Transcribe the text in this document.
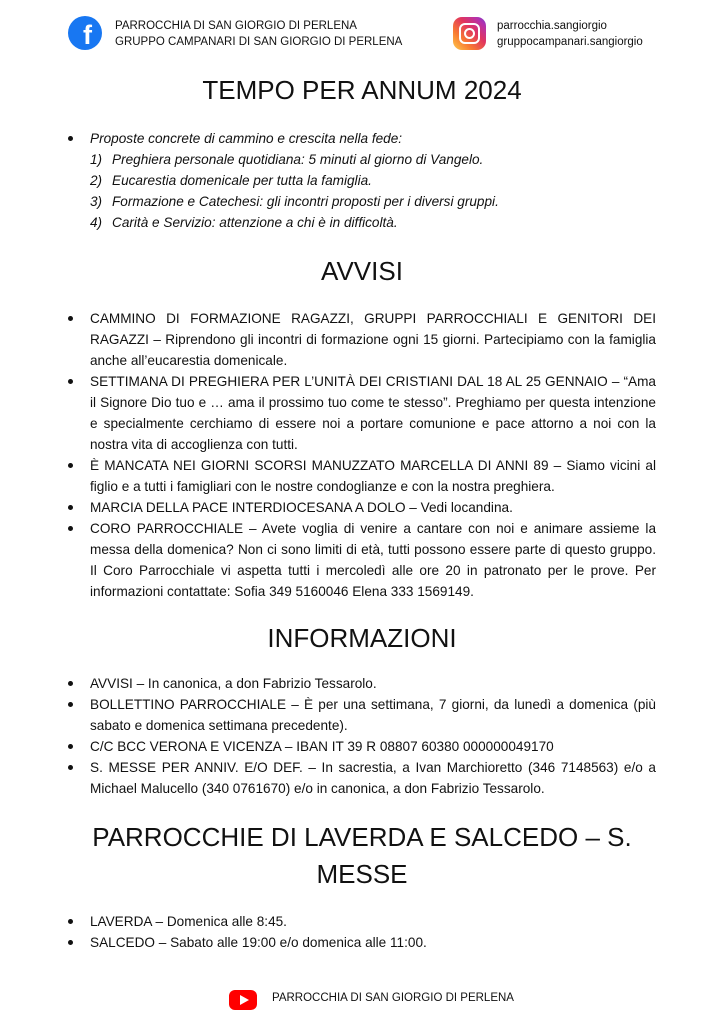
f PARROCCHIA DI SAN GIORGIO DI PERLENA
GRUPPO CAMPANARI DI SAN GIORGIO DI PERLENA
parrocchia.sangiorgio
gruppocampanari.sangiorgio
TEMPO PER ANNUM 2024
Proposte concrete di cammino e crescita nella fede:
1) Preghiera personale quotidiana: 5 minuti al giorno di Vangelo.
2) Eucarestia domenicale per tutta la famiglia.
3) Formazione e Catechesi: gli incontri proposti per i diversi gruppi.
4) Carità e Servizio: attenzione a chi è in difficoltà.
AVVISI
CAMMINO DI FORMAZIONE RAGAZZI, GRUPPI PARROCCHIALI E GENITORI DEI RAGAZZI – Riprendono gli incontri di formazione ogni 15 giorni. Partecipiamo con la famiglia anche all’eucarestia domenicale.
SETTIMANA DI PREGHIERA PER L’UNITÀ DEI CRISTIANI DAL 18 AL 25 GENNAIO – “Ama il Signore Dio tuo e … ama il prossimo tuo come te stesso”. Preghiamo per questa intenzione e specialmente cerchiamo di essere noi a portare comunione e pace attorno a noi con la nostra vita di accoglienza con tutti.
È MANCATA NEI GIORNI SCORSI MANUZZATO MARCELLA DI ANNI 89 – Siamo vicini al figlio e a tutti i famigliari con le nostre condoglianze e con la nostra preghiera.
MARCIA DELLA PACE INTERDIOCESANA A DOLO – Vedi locandina.
CORO PARROCCHIALE – Avete voglia di venire a cantare con noi e animare assieme la messa della domenica? Non ci sono limiti di età, tutti possono essere parte di questo gruppo. Il Coro Parrocchiale vi aspetta tutti i mercoledì alle ore 20 in patronato per le prove. Per informazioni contattate: Sofia 349 5160046 Elena 333 1569149.
INFORMAZIONI
AVVISI – In canonica, a don Fabrizio Tessarolo.
BOLLETTINO PARROCCHIALE – È per una settimana, 7 giorni, da lunedì a domenica (più sabato e domenica settimana precedente).
C/C BCC VERONA E VICENZA – IBAN IT 39 R 08807 60380 000000049170
S. MESSE PER ANNIV. E/O DEF. – In sacrestia, a Ivan Marchioretto (346 7148563) e/o a Michael Malucello (340 0761670) e/o in canonica, a don Fabrizio Tessarolo.
PARROCCHIE DI LAVERDA E SALCEDO – S. MESSE
LAVERDA – Domenica alle 8:45.
SALCEDO – Sabato alle 19:00 e/o domenica alle 11:00.
PARROCCHIA DI SAN GIORGIO DI PERLENA
